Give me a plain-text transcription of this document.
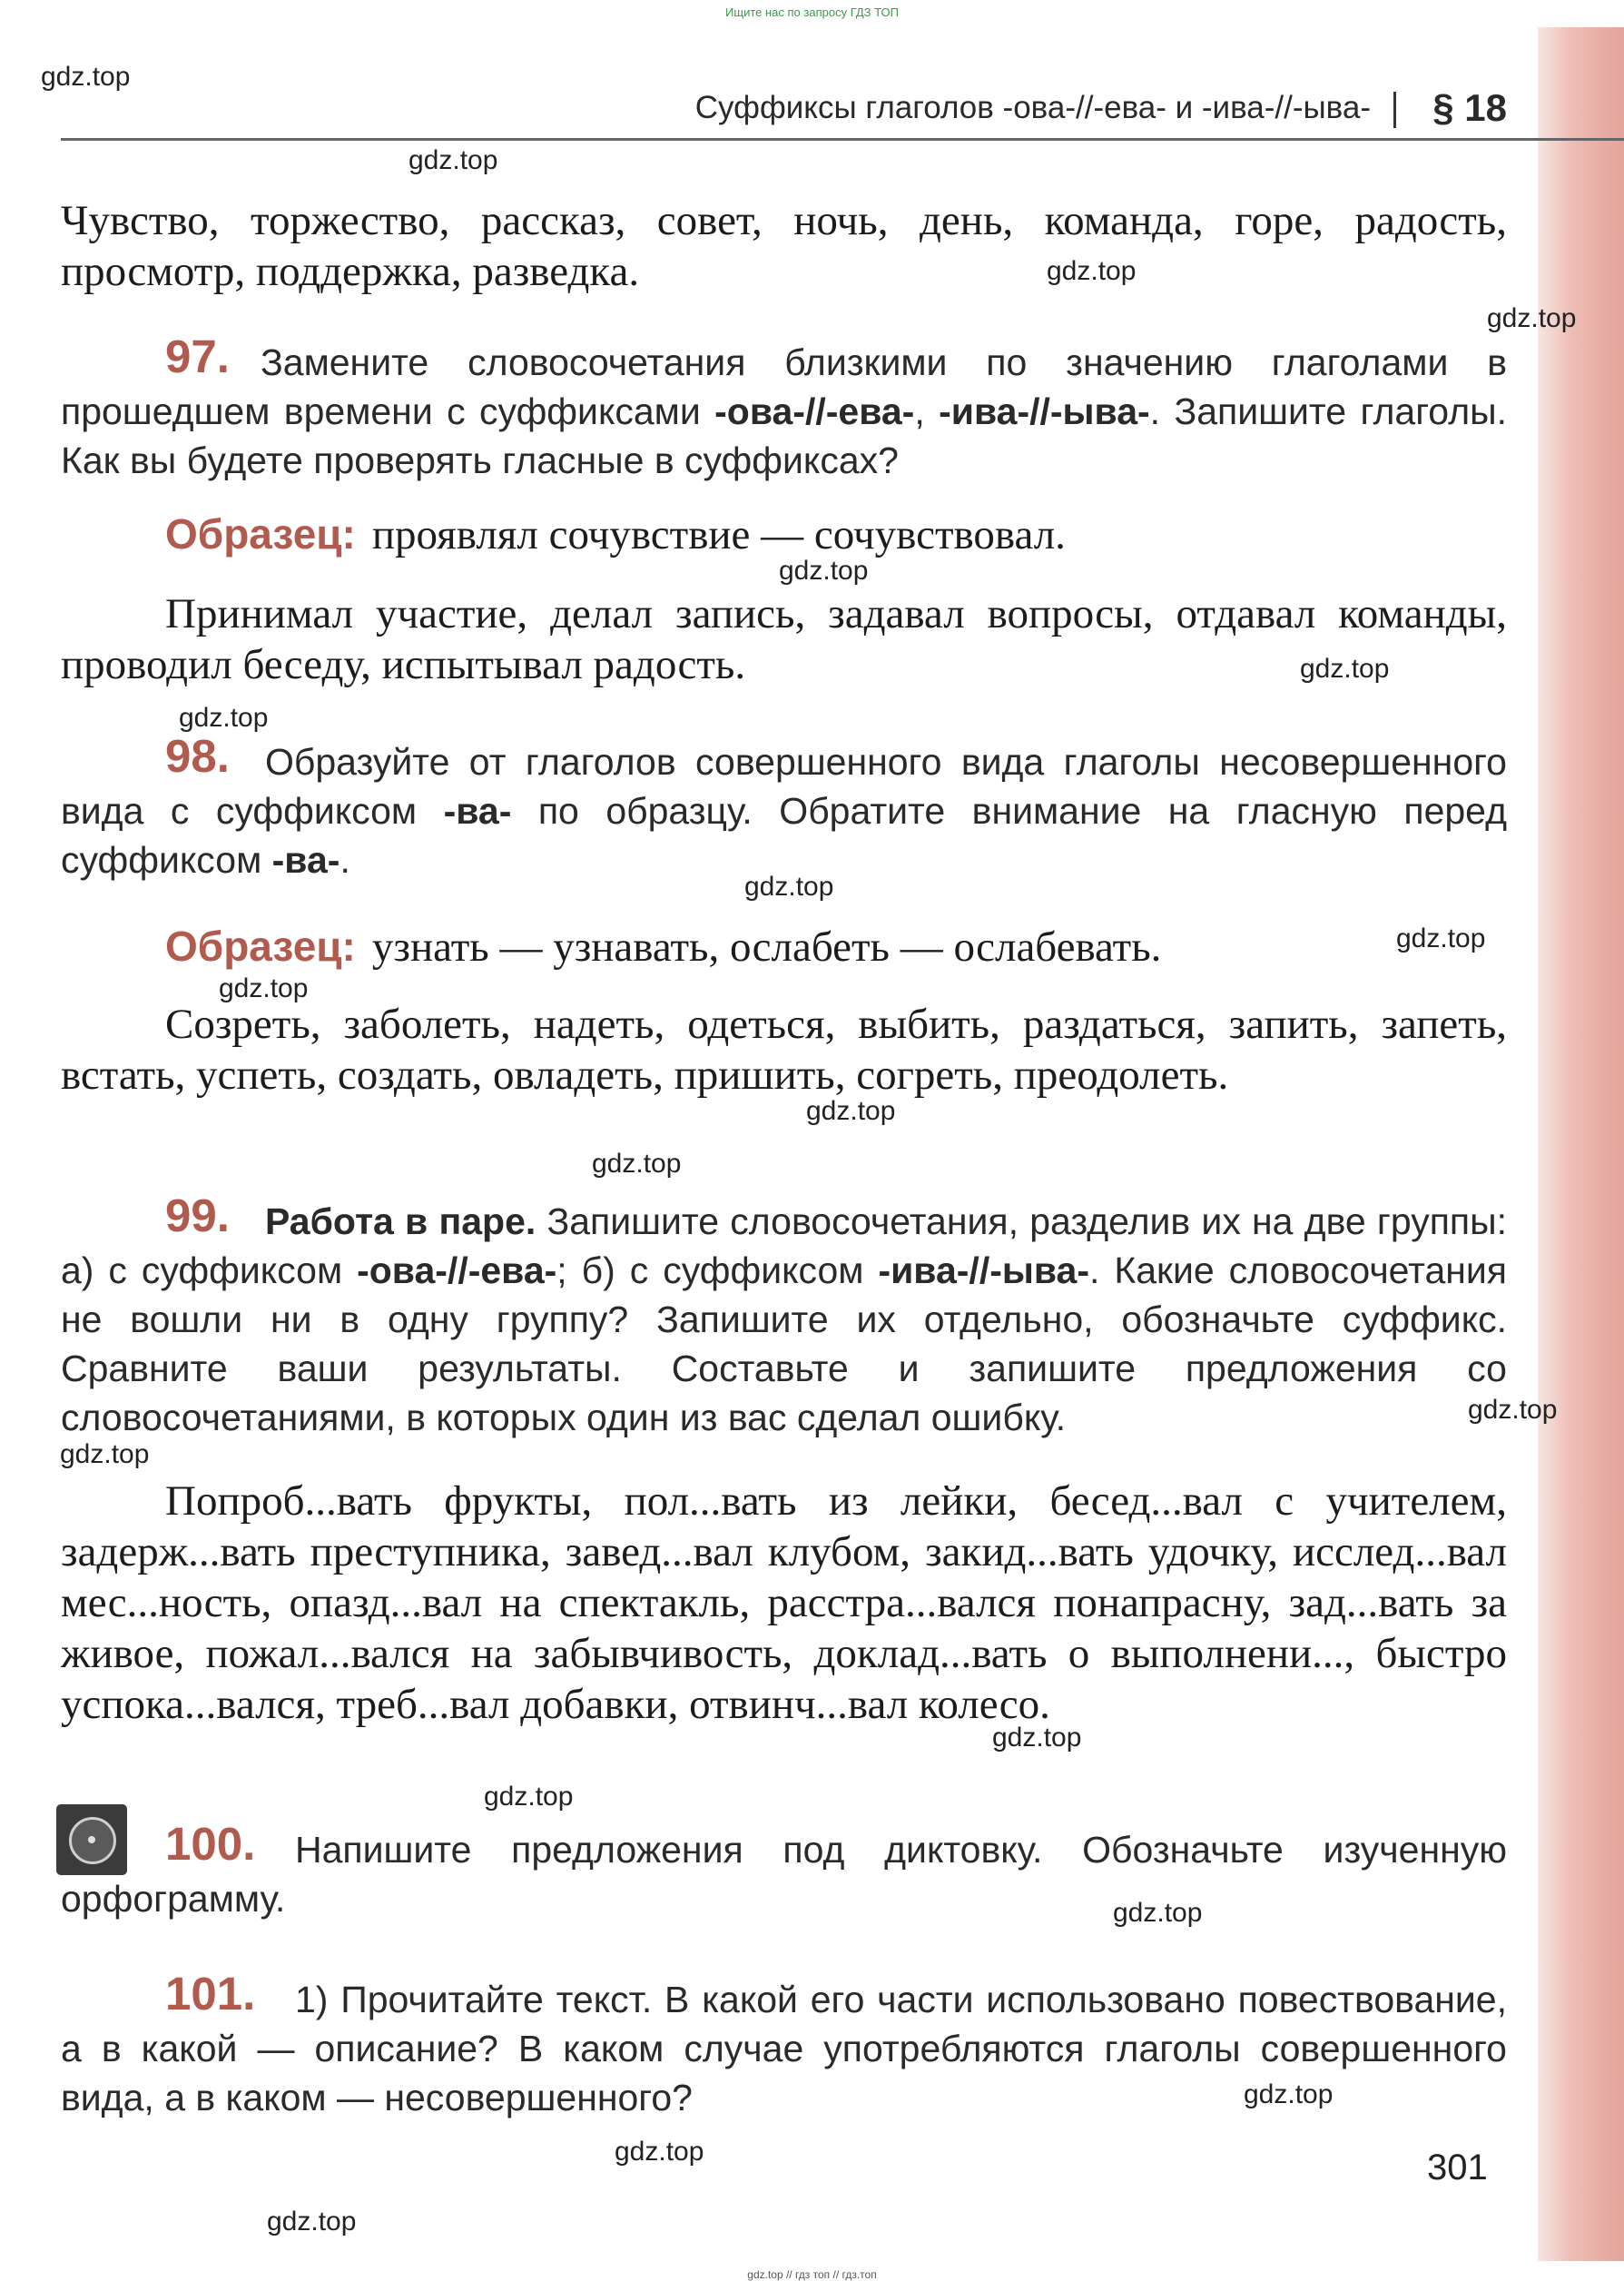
Ищите нас по запросу ГДЗ ТОП
gdz.top
gdz.top
gdz.top
gdz.top
gdz.top
gdz.top
gdz.top
gdz.top
gdz.top
gdz.top
gdz.top
gdz.top
gdz.top
gdz.top
gdz.top
gdz.top
gdz.top
gdz.top
gdz.top
gdz.top
Суффиксы глаголов -ова-//-ева- и -ива-//-ыва- § 18
Чувство, торжество, рассказ, совет, ночь, день, команда, горе, радость, просмотр, поддержка, разведка.
97. Замените словосочетания близкими по значению глаголами в прошедшем времени с суффиксами -ова-//-ева-, -ива-//-ыва-. Запишите глаголы. Как вы будете проверять гласные в суффиксах?
Образец: проявлял сочувствие — сочувствовал.
Принимал участие, делал запись, задавал вопросы, отдавал команды, проводил беседу, испытывал радость.
98. Образуйте от глаголов совершенного вида глаголы несовершенного вида с суффиксом -ва- по образцу. Обратите внимание на гласную перед суффиксом -ва-.
Образец: узнать — узнавать, ослабеть — ослабевать.
Созреть, заболеть, надеть, одеться, выбить, раздаться, запить, запеть, встать, успеть, создать, овладеть, пришить, согреть, преодолеть.
99. Работа в паре. Запишите словосочетания, разделив их на две группы: а) с суффиксом -ова-//-ева-; б) с суффиксом -ива-//-ыва-. Какие словосочетания не вошли ни в одну группу? Запишите их отдельно, обозначьте суффикс. Сравните ваши результаты. Составьте и запишите предложения со словосочетаниями, в которых один из вас сделал ошибку.
Попроб...вать фрукты, пол...вать из лейки, бесед...вал с учителем, задерж...вать преступника, завед...вал клубом, закид...вать удочку, исслед...вал мес...ность, опазд...вал на спектакль, расстра...вался понапрасну, зад...вать за живое, пожал...вался на забывчивость, доклад...вать о выполнени..., быстро успока...вался, треб...вал добавки, отвинч...вал колесо.
100. Напишите предложения под диктовку. Обозначьте изученную орфограмму.
101. 1) Прочитайте текст. В какой его части использовано повествование, а в какой — описание? В каком случае употребляются глаголы совершенного вида, а в каком — несовершенного?
301
gdz.top // гдз топ // гдз.топ
